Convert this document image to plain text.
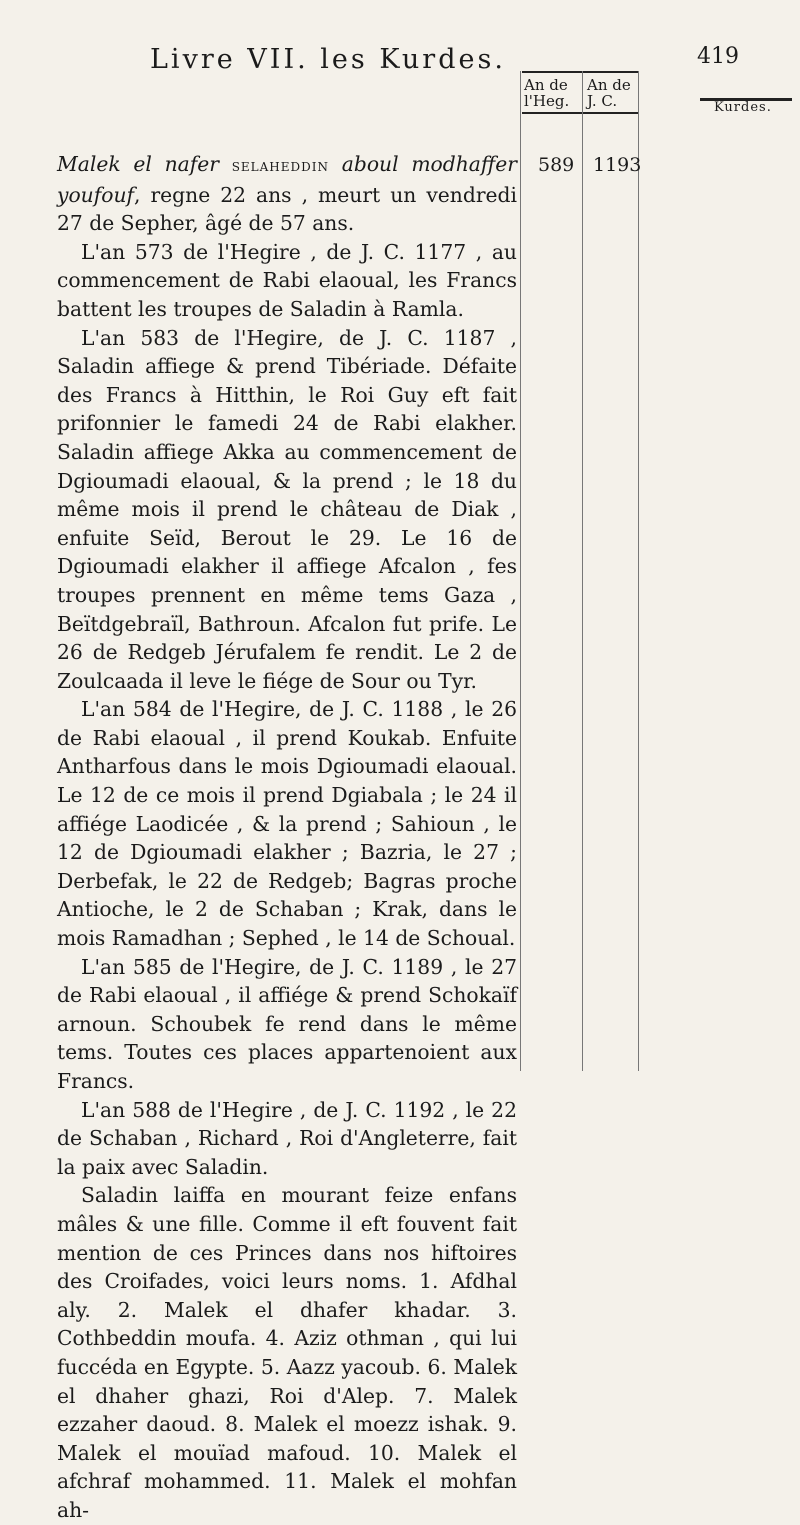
Livre VII. les Kurdes.	419
An de l'Heg.
An de J. C.	Kurdes.
589 1193

Malek el nafer selaheddin aboul modhaffer youfouf, regne 22 ans , meurt un vendredi 27 de Sepher, âgé de 57 ans.

L'an 573 de l'Hegire , de J. C. 1177 , au commencement de Rabi elaoual, les Francs battent les troupes de Saladin à Ramla.

L'an 583 de l'Hegire, de J. C. 1187 , Saladin affiege & prend Tibériade. Défaite des Francs à Hitthin, le Roi Guy eft fait prifonnier le famedi 24 de Rabi elakher. Saladin affiege Akka au commencement de Dgioumadi elaoual, & la prend ; le 18 du même mois il prend le château de Diak , enfuite Seïd, Berout le 29. Le 16 de Dgioumadi elakher il affiege Afcalon , fes troupes prennent en même tems Gaza , Beïtdgebraïl, Bathroun. Afcalon fut prife. Le 26 de Redgeb Jérufalem fe rendit. Le 2 de Zoulcaada il leve le fiége de Sour ou Tyr.

L'an 584 de l'Hegire, de J. C. 1188 , le 26 de Rabi elaoual , il prend Koukab. Enfuite Antharfous dans le mois Dgioumadi elaoual. Le 12 de ce mois il prend Dgiabala ; le 24 il affiége Laodicée , & la prend ; Sahioun , le 12 de Dgioumadi elakher ; Bazria, le 27 ; Derbefak, le 22 de Redgeb; Bagras proche Antioche, le 2 de Schaban ; Krak, dans le mois Ramadhan ; Sephed , le 14 de Schoual.

L'an 585 de l'Hegire, de J. C. 1189 , le 27 de Rabi elaoual , il affiége & prend Schokaïf arnoun. Schoubek fe rend dans le même tems. Toutes ces places appartenoient aux Francs.

L'an 588 de l'Hegire , de J. C. 1192 , le 22 de Schaban , Richard , Roi d'Angleterre, fait la paix avec Saladin.

Saladin laiffa en mourant feize enfans mâles & une fille. Comme il eft fouvent fait mention de ces Princes dans nos hiftoires des Croifades, voici leurs noms. 1. Afdhal aly. 2. Malek el dhafer khadar. 3. Cothbeddin moufa. 4. Aziz othman , qui lui fuccéda en Egypte. 5. Aazz yacoub. 6. Malek el dhaher ghazi, Roi d'Alep. 7. Malek ezzaher daoud. 8. Malek el moezz ishak. 9. Malek el mouïad mafoud. 10. Malek el afchraf mohammed. 11. Malek el mohfan ah-
